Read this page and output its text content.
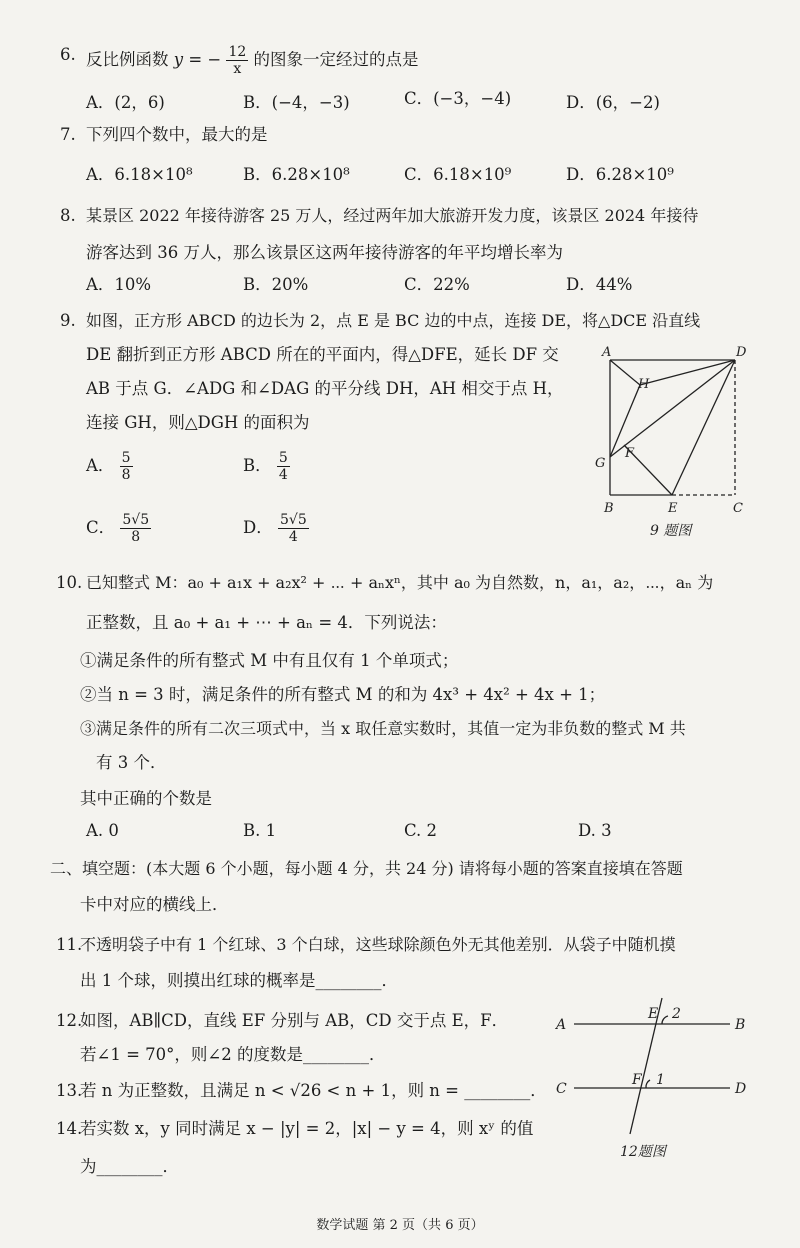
6. 反比例函数 y = − $\frac{12}{x}$ 的图象一定经过的点是
A．(2，6)	B．(−4，−3)	C．(−3，−4)	D．(6，−2)
7. 下列四个数中，最大的是
A．6.18×10⁸	B．6.28×10⁸	C．6.18×10⁹	D．6.28×10⁹
8. 某景区 2022 年接待游客 25 万人，经过两年加大旅游开发力度，该景区 2024 年接待
游客达到 36 万人，那么该景区这两年接待游客的年平均增长率为
A．10%	B．20%	C．22%	D．44%
9. 如图，正方形 ABCD 的边长为 2，点 E 是 BC 边的中点，连接 DE，将△DCE 沿直线
DE 翻折到正方形 ABCD 所在的平面内，得△DFE，延长 DF 交
AB 于点 G．∠ADG 和∠DAG 的平分线 DH，AH 相交于点 H，
连接 GH，则△DGH 的面积为
A． $\frac{5}{8}$	B． $\frac{5}{4}$
C． $\frac{5√5}{8}$	D． $\frac{5√5}{4}$
A	D
H
G
F
B	E	C
9 题图
10. 已知整式 M：a₀ + a₁x + a₂x² + ⋯ + aₙxⁿ，其中 a₀ 为自然数，n，a₁，a₂，⋯，aₙ 为
正整数，且 a₀ + a₁ + ⋯ + aₙ = 4．下列说法：
①满足条件的所有整式 M 中有且仅有 1 个单项式；
②当 n = 3 时，满足条件的所有整式 M 的和为 4x³ + 4x² + 4x + 1；
③满足条件的所有二次三项式中，当 x 取任意实数时，其值一定为非负数的整式 M 共
有 3 个．
其中正确的个数是
A. 0	B. 1	C. 2	D. 3
二、填空题：(本大题 6 个小题，每小题 4 分，共 24 分) 请将每小题的答案直接填在答题
卡中对应的横线上．
11.
不透明袋子中有 1 个红球、3 个白球，这些球除颜色外无其他差别．从袋子中随机摸
出 1 个球，则摸出红球的概率是________．
12.
如图，AB∥CD，直线 EF 分别与 AB，CD 交于点 E，F．
若∠1 = 70°，则∠2 的度数是________．
A
E 2
B
C
F 1
D
12题图
13.
若 n 为正整数，且满足 n < √26 < n + 1，则 n = ________．
14.
若实数 x，y 同时满足 x − |y| = 2，|x| − y = 4，则 xʸ 的值
为________．
数学试题 第 2 页（共 6 页）
